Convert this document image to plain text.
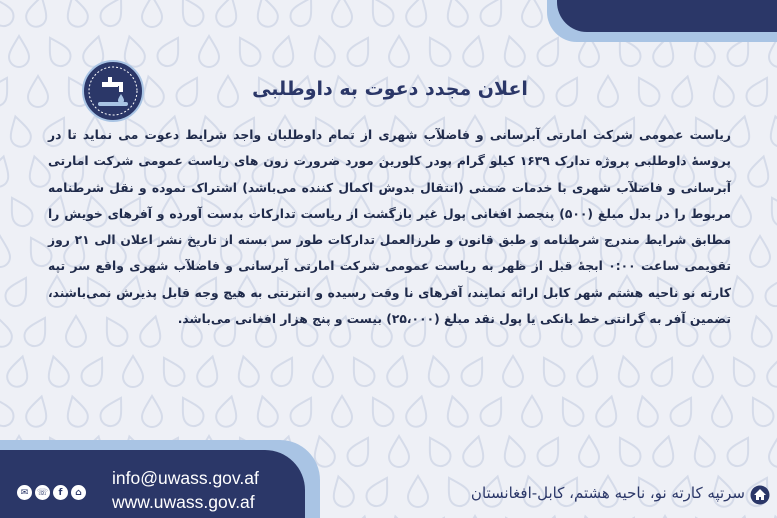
اعلان مجدد دعوت به داوطلبی

ریاست عمومی شرکت امارتی آبرسانی و فاضلآب شهری از تمام داوطلبان واجد شرایط دعوت می نماید تا در پروسهٔ داوطلبی پروژه تدارک ۱۶۳۹ کیلو گرام پودر کلورین مورد ضرورت زون های ریاست عمومی شرکت امارتی آبرسانی و فاضلآب شهری با خدمات ضمنی (انتقال بدوش اکمال کننده می‌باشد) اشتراک نموده و نقل شرطنامه مربوط را در بدل مبلغ (۵۰۰) پنجصد افغانی پول غیر بازگشت از ریاست تدارکات بدست آورده و آفرهای خویش را مطابق شرایط مندرج شرطنامه و طبق قانون و طرزالعمل تدارکات طور سر بسته از تاریخ نشر اعلان الی ۲۱ روز تقویمی ساعت ۰:۰۰ ابجهٔ قبل از ظهر به ریاست عمومی شرکت امارتی آبرسانی و فاضلآب شهری واقع سر تپه کارته نو ناحیه هشتم شهر کابل ارائه نمایند، آفرهای نا وقت رسیده و انترنتی به هیچ وجه قابل پذیرش نمی‌باشند، تضمین آفر به گرانتی خط بانکی یا پول نقد مبلغ (۲۵،۰۰۰) بیست و پنج هزار افغانی می‌باشد.

info@uwass.gov.af
www.uwass.gov.af
✉ ☏	f	⌂	سرتپه کارته نو، ناحیه هشتم، کابل-افغانستان
